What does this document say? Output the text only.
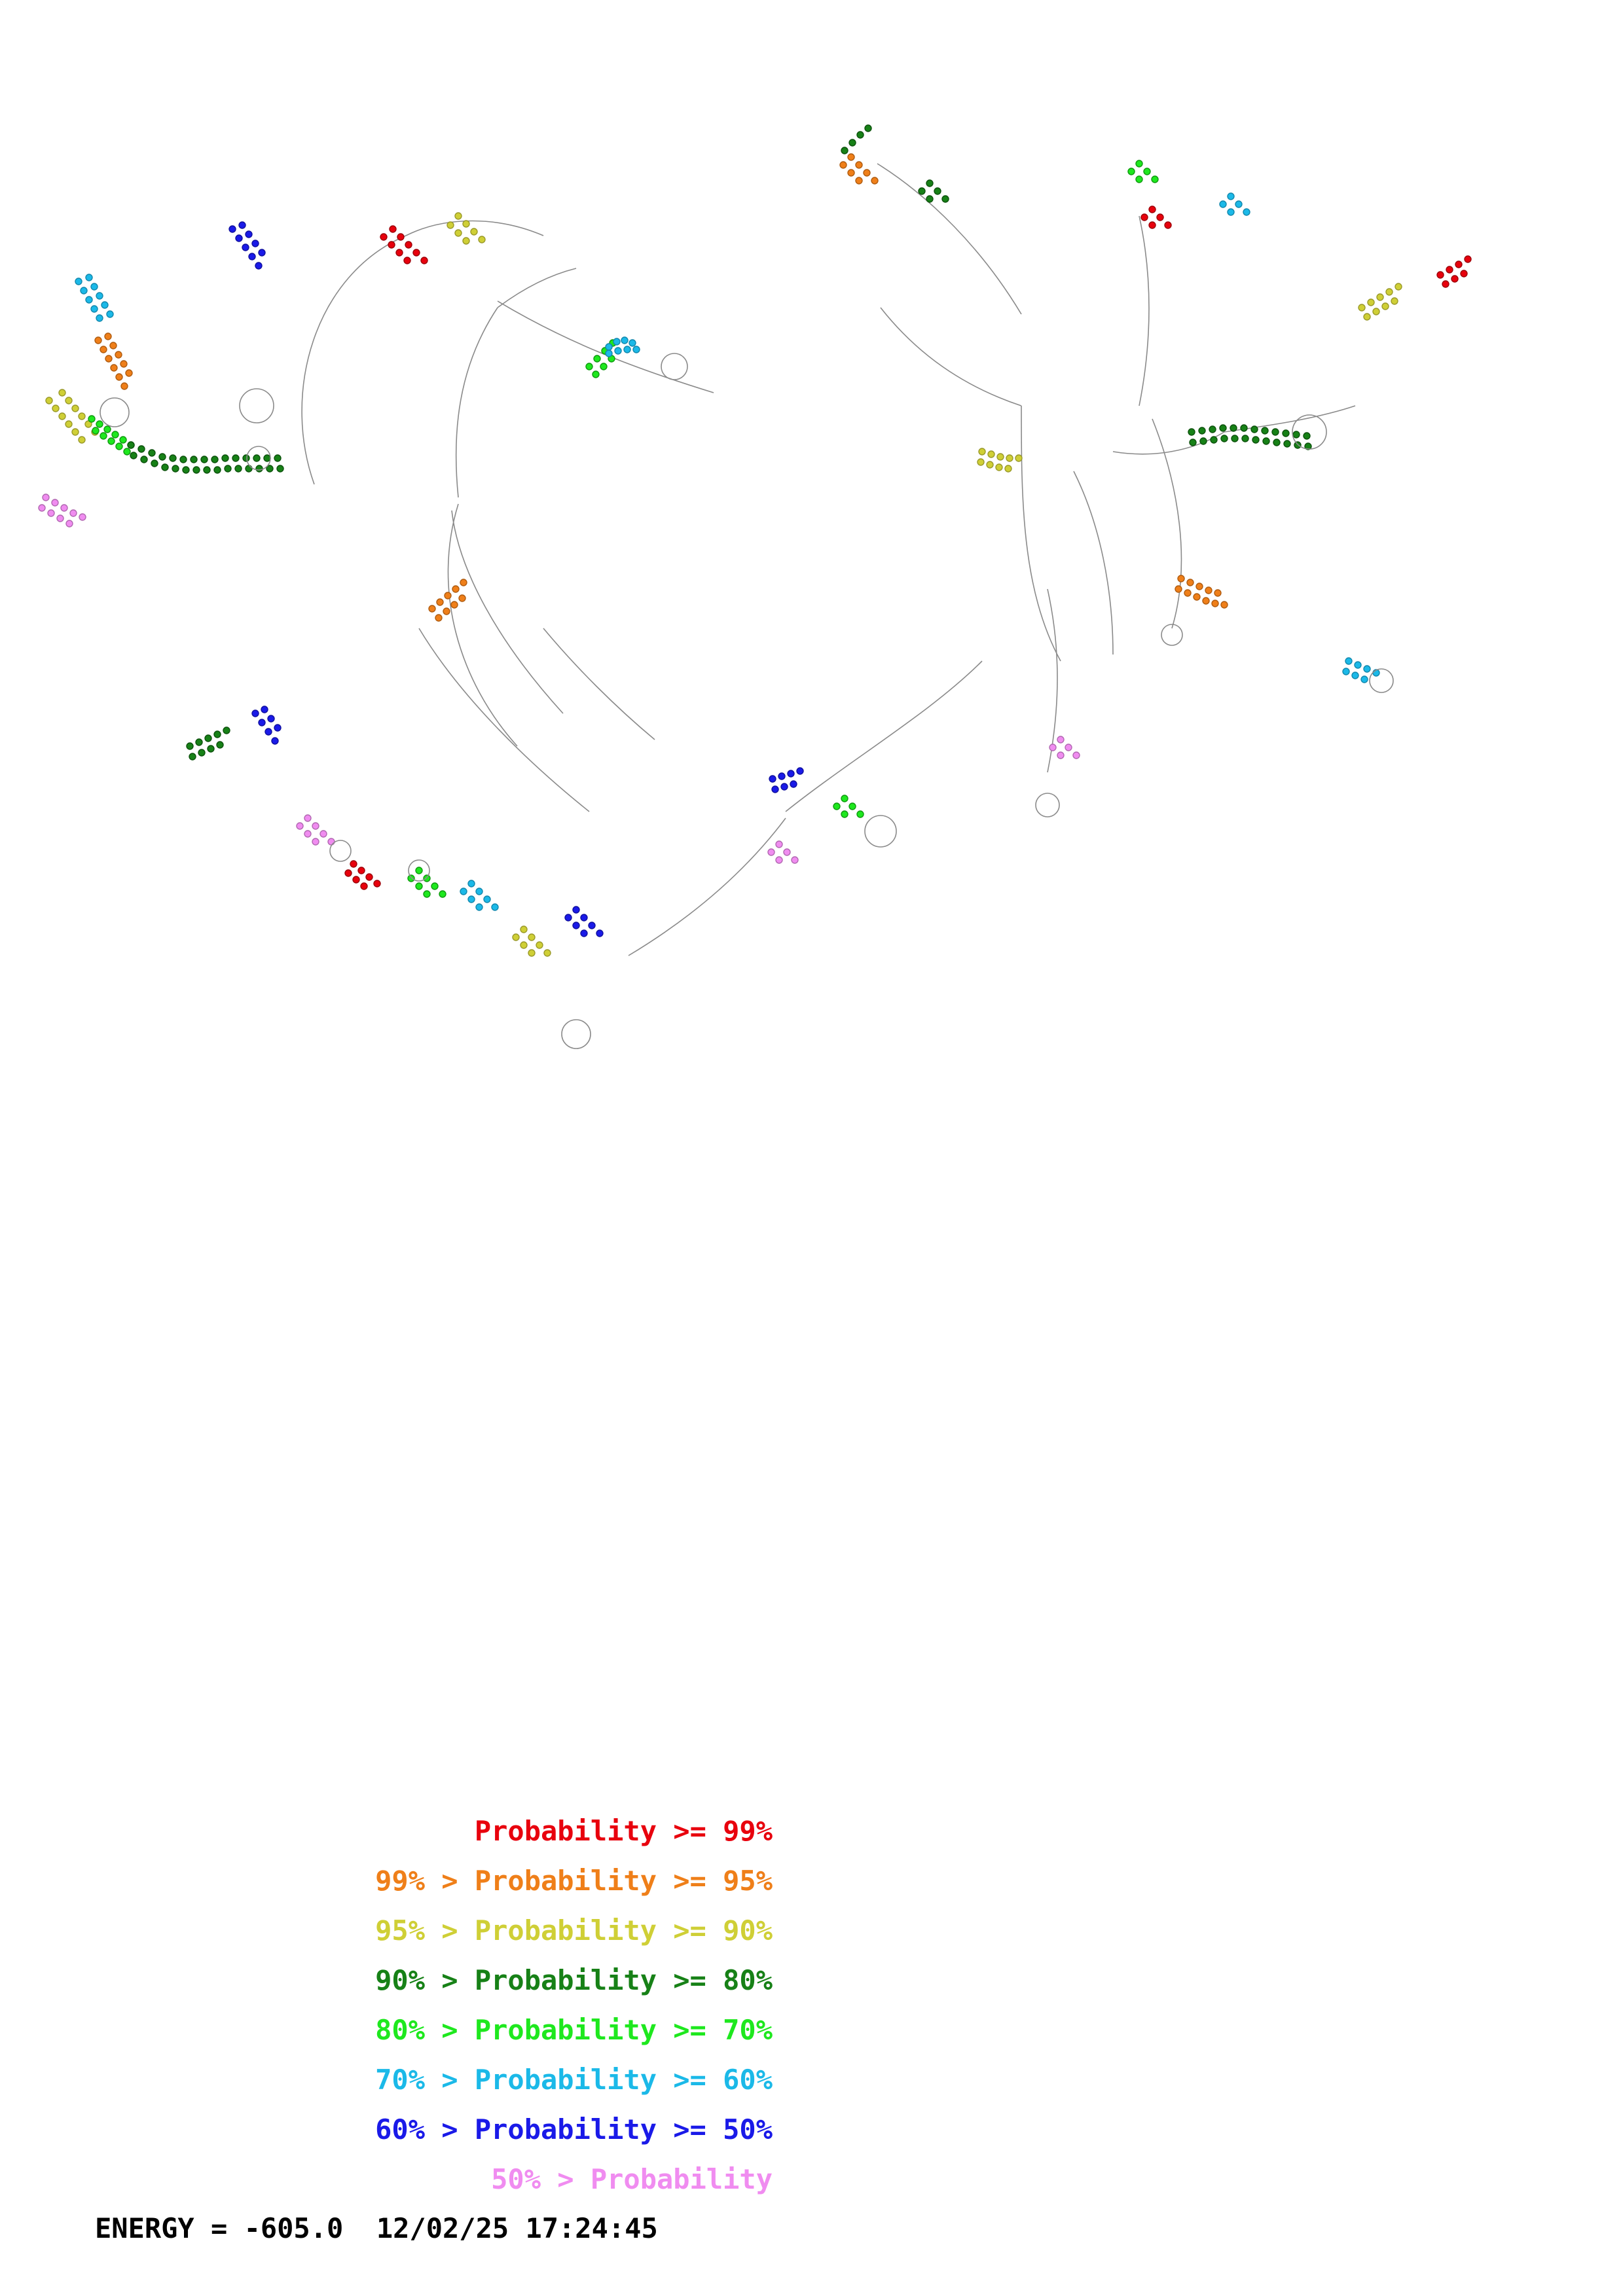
Probability >= 99%
99% > Probability >= 95%
95% > Probability >= 90%
90% > Probability >= 80%
80% > Probability >= 70%
70% > Probability >= 60%
60% > Probability >= 50%
50% > Probability
ENERGY = -605.0  12/02/25 17:24:45
